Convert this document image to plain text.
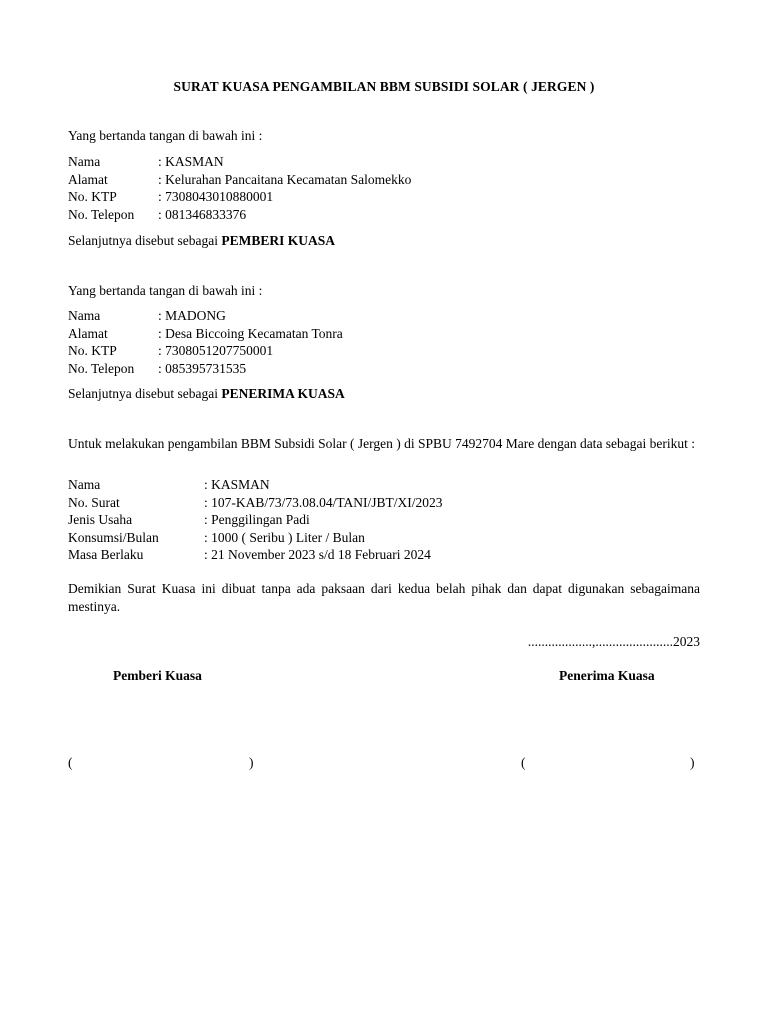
SURAT KUASA PENGAMBILAN BBM SUBSIDI SOLAR ( JERGEN )
Yang bertanda tangan di bawah ini :
Nama	: KASMAN
Alamat	: Kelurahan Pancaitana Kecamatan Salomekko
No. KTP	: 7308043010880001
No. Telepon : 081346833376
Selanjutnya disebut sebagai PEMBERI KUASA
Yang bertanda tangan di bawah ini :
Nama	: MADONG
Alamat	: Desa Biccoing Kecamatan Tonra
No. KTP	: 7308051207750001
No. Telepon : 085395731535
Selanjutnya disebut sebagai PENERIMA KUASA
Untuk melakukan pengambilan BBM Subsidi Solar ( Jergen ) di SPBU 7492704 Mare dengan data sebagai berikut :
Nama	: KASMAN
No. Surat	: 107-KAB/73/73.08.04/TANI/JBT/XI/2023
Jenis Usaha	: Penggilingan Padi
Konsumsi/Bulan	: 1000 ( Seribu ) Liter / Bulan
Masa Berlaku	: 21 November 2023 s/d 18 Februari 2024
Demikian Surat Kuasa ini dibuat tanpa ada paksaan dari kedua belah pihak dan dapat digunakan sebagaimana mestinya.
...................,.......................2023
Pemberi Kuasa	Penerima Kuasa
(	)	(	)
